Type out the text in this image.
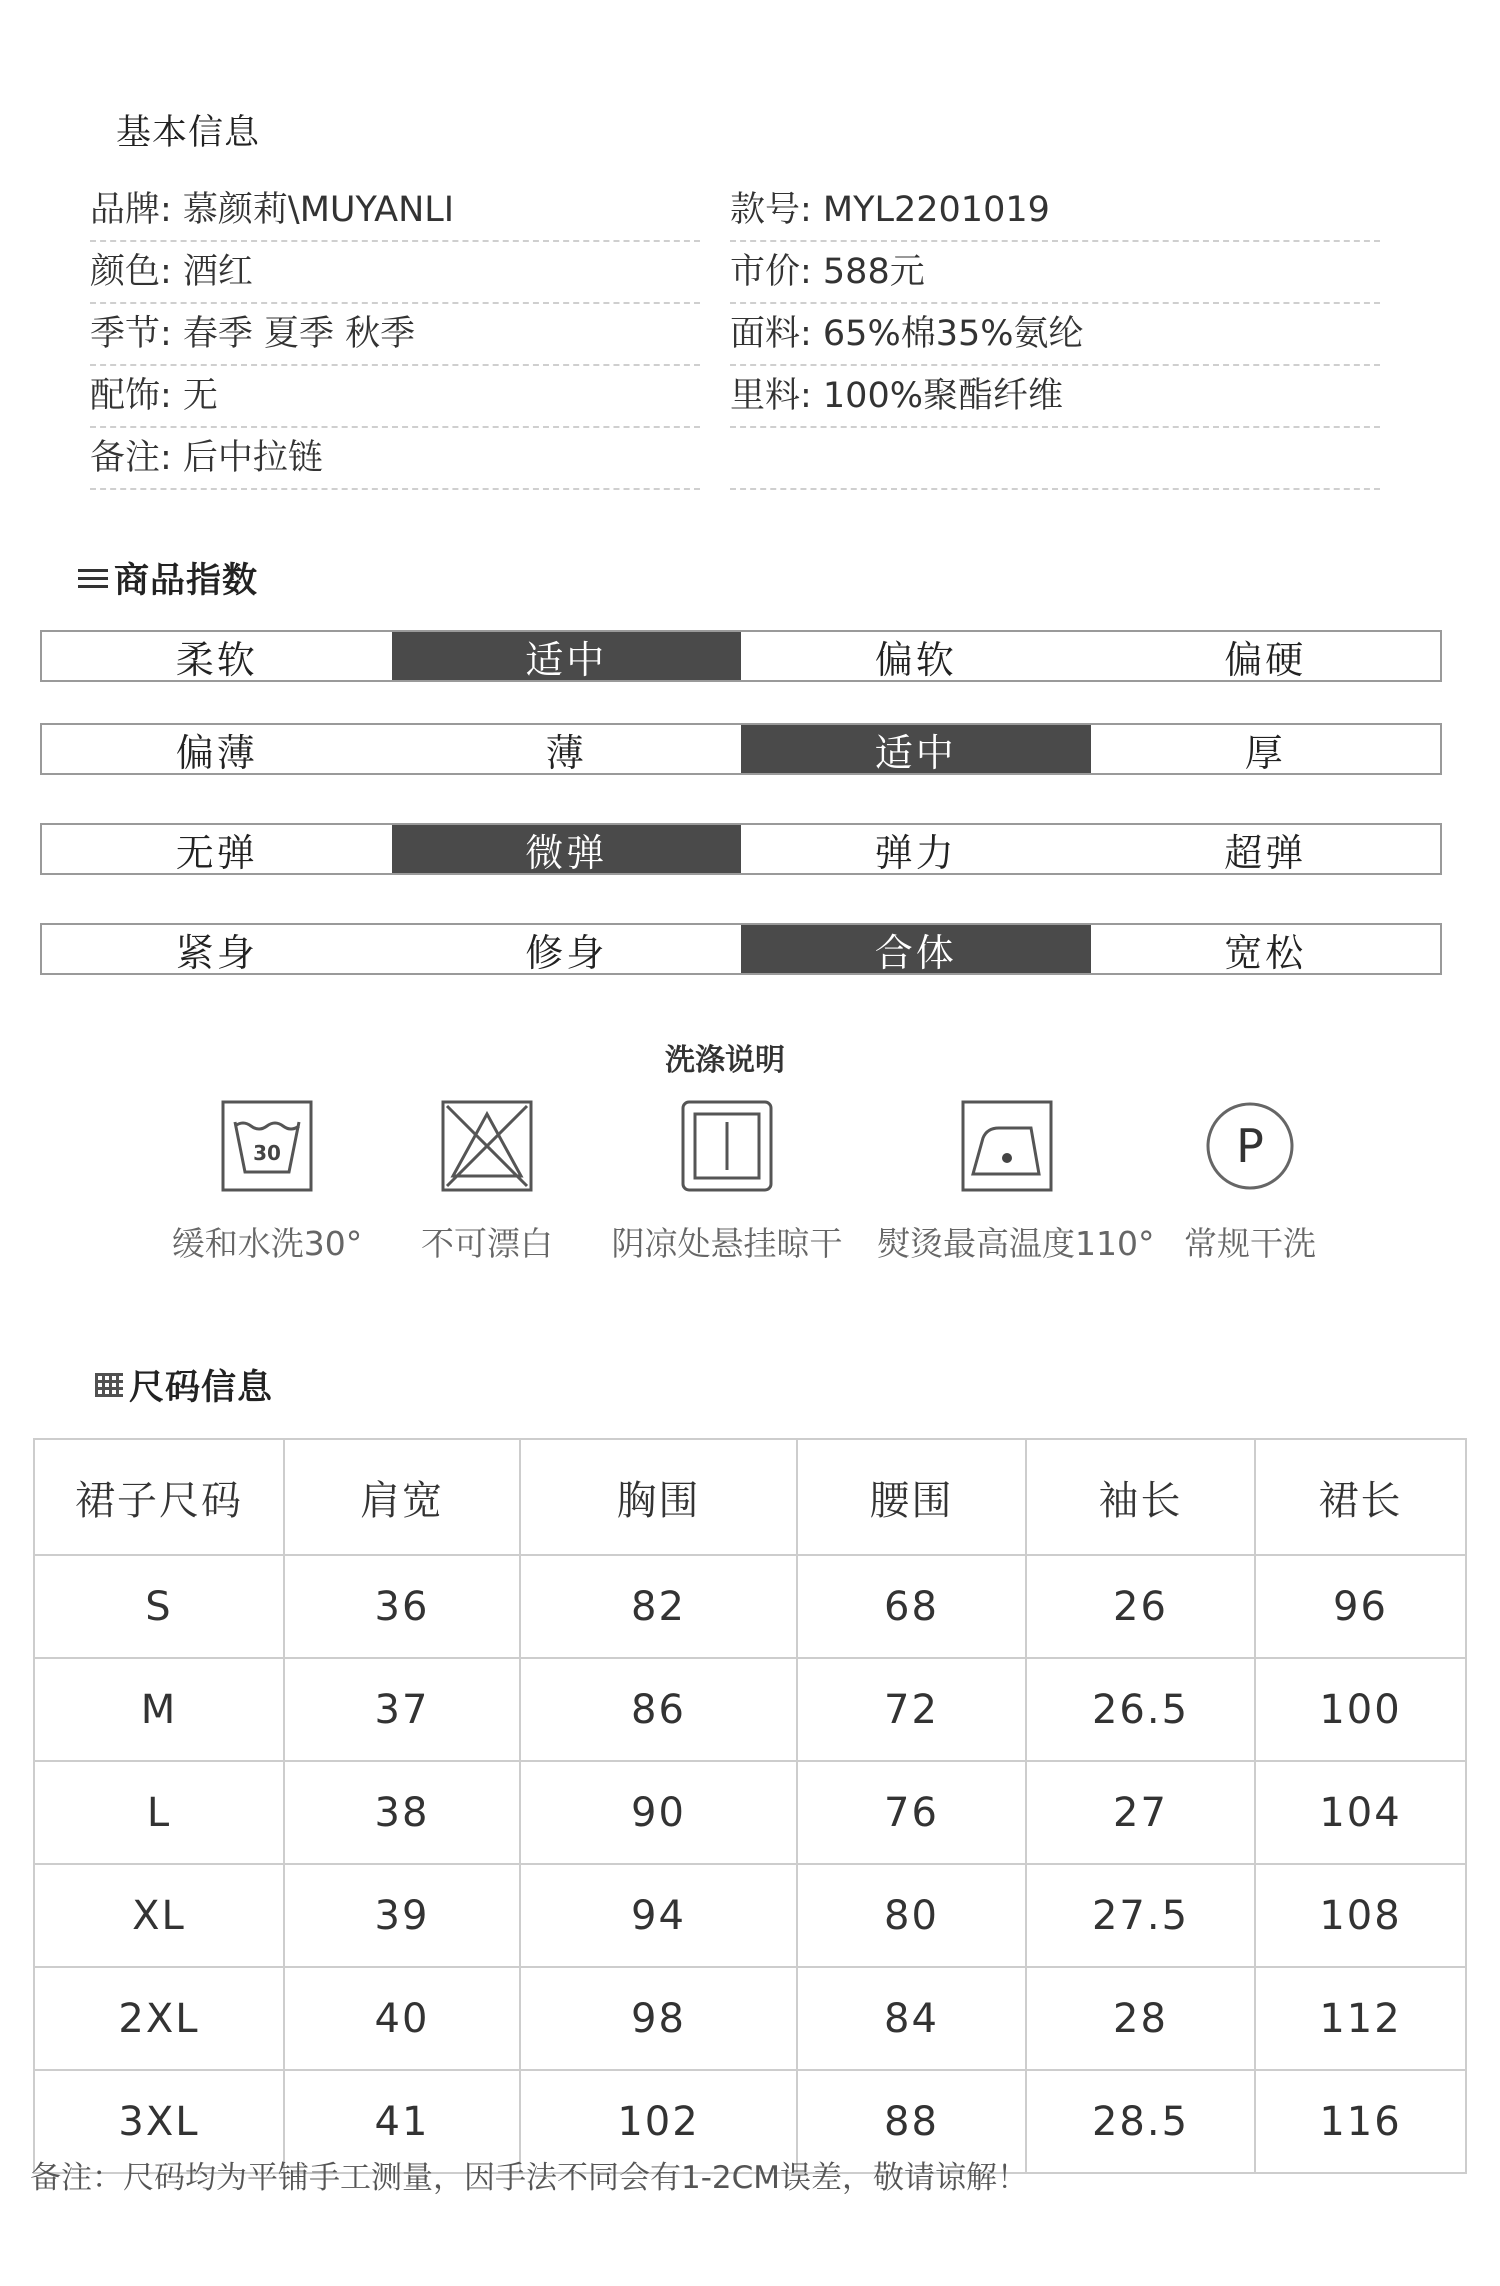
基本信息
品牌: 慕颜莉\MUYANLI	款号: MYL2201019
颜色: 酒红	市价: 588元
季节: 春季 夏季 秋季	面料: 65%棉35%氨纶
配饰: 无	里料: 100%聚酯纤维
备注: 后中拉链
商品指数
柔软	适中	偏软	偏硬
偏薄	薄	适中	厚
无弹	微弹	弹力	超弹
紧身	修身	合体	宽松
洗涤说明
30
缓和水洗30°	不可漂白	阴凉处悬挂晾干	熨烫最高温度110°
P
常规干洗
尺码信息
裙子尺码	肩宽	胸围	腰围	袖长	裙长
S	36	82	68	26	96
M	37	86	72	26.5	100
L	38	90	76	27	104
XL	39	94	80	27.5	108
2XL	40	98	84	28	112
3XL	41	102	88	28.5	116
备注：尺码均为平铺手工测量，因手法不同会有1-2CM误差，敬请谅解！
